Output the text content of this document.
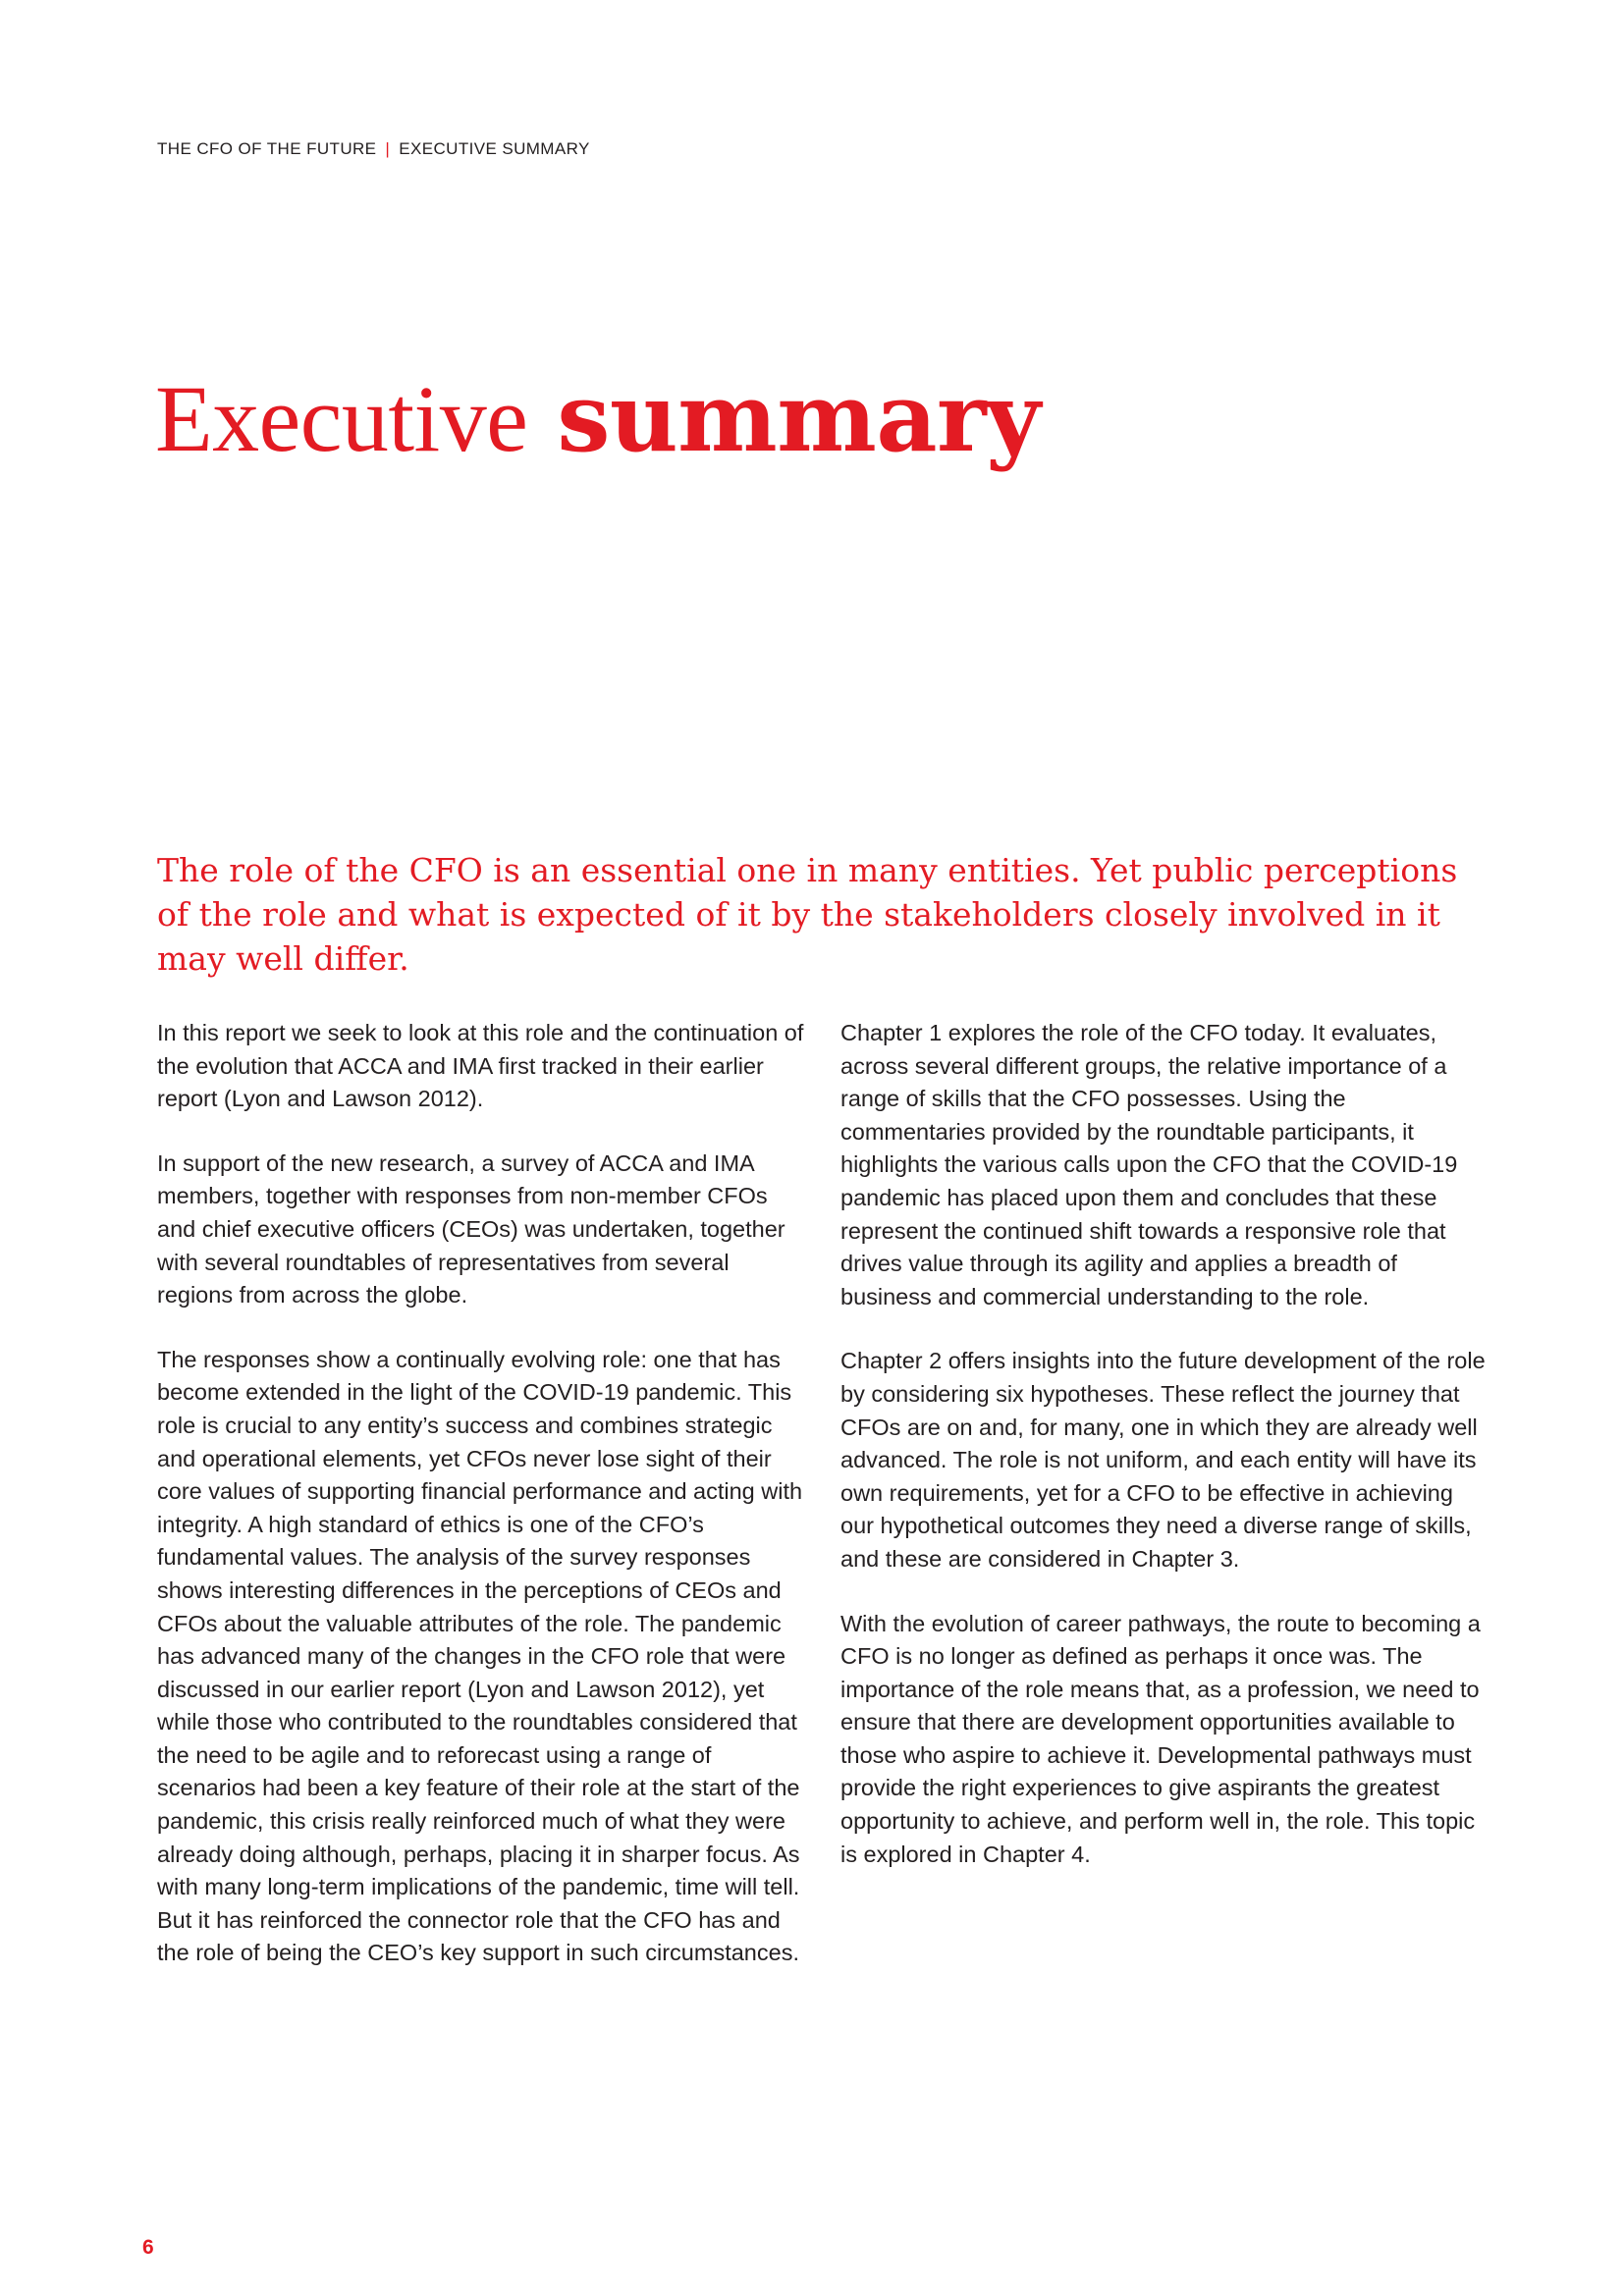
THE CFO OF THE FUTURE | EXECUTIVE SUMMARY
Executive summary

The role of the CFO is an essential one in many entities. Yet public perceptions of the role and what is expected of it by the stakeholders closely involved in it may well differ.

In this report we seek to look at this role and the continuation of the evolution that ACCA and IMA first tracked in their earlier report (Lyon and Lawson 2012).

In support of the new research, a survey of ACCA and IMA members, together with responses from non-member CFOs and chief executive officers (CEOs) was undertaken, together with several roundtables of representatives from several regions from across the globe.

The responses show a continually evolving role: one that has become extended in the light of the COVID-19 pandemic. This role is crucial to any entity’s success and combines strategic and operational elements, yet CFOs never lose sight of their core values of supporting financial performance and acting with integrity. A high standard of ethics is one of the CFO’s fundamental values. The analysis of the survey responses shows interesting differences in the perceptions of CEOs and CFOs about the valuable attributes of the role. The pandemic has advanced many of the changes in the CFO role that were discussed in our earlier report (Lyon and Lawson 2012), yet while those who contributed to the roundtables considered that the need to be agile and to reforecast using a range of scenarios had been a key feature of their role at the start of the pandemic, this crisis really reinforced much of what they were already doing although, perhaps, placing it in sharper focus. As with many long-term implications of the pandemic, time will tell. But it has reinforced the connector role that the CFO has and the role of being the CEO’s key support in such circumstances.

Chapter 1 explores the role of the CFO today. It evaluates, across several different groups, the relative importance of a range of skills that the CFO possesses. Using the commentaries provided by the roundtable participants, it highlights the various calls upon the CFO that the COVID-19 pandemic has placed upon them and concludes that these represent the continued shift towards a responsive role that drives value through its agility and applies a breadth of business and commercial understanding to the role.

Chapter 2 offers insights into the future development of the role by considering six hypotheses. These reflect the journey that CFOs are on and, for many, one in which they are already well advanced. The role is not uniform, and each entity will have its own requirements, yet for a CFO to be effective in achieving our hypothetical outcomes they need a diverse range of skills, and these are considered in Chapter 3.

With the evolution of career pathways, the route to becoming a CFO is no longer as defined as perhaps it once was. The importance of the role means that, as a profession, we need to ensure that there are development opportunities available to those who aspire to achieve it. Developmental pathways must provide the right experiences to give aspirants the greatest opportunity to achieve, and perform well in, the role. This topic is explored in Chapter 4.

6
